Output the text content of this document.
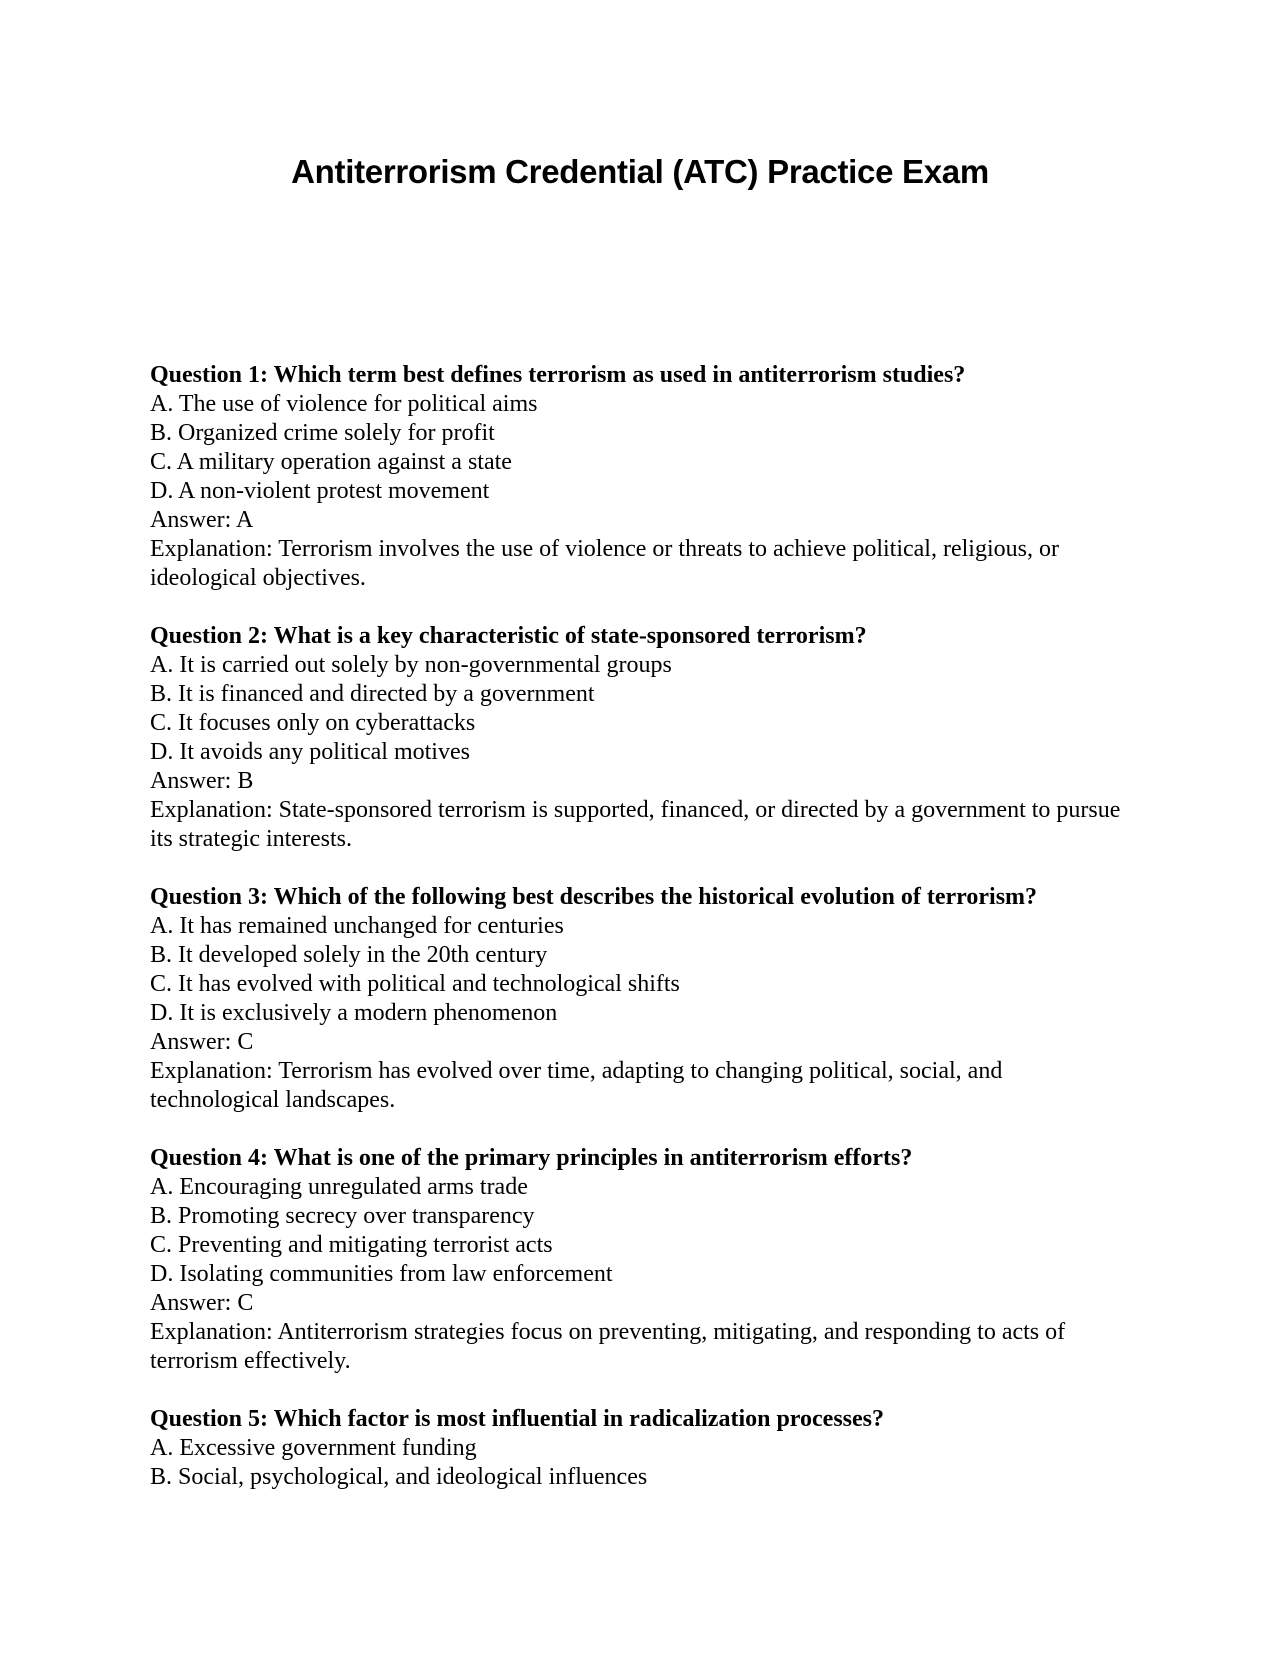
Antiterrorism Credential (ATC) Practice Exam

Question 1: Which term best defines terrorism as used in antiterrorism studies?

A. The use of violence for political aims

B. Organized crime solely for profit

C. A military operation against a state

D. A non-violent protest movement

Answer: A

Explanation: Terrorism involves the use of violence or threats to achieve political, religious, or ideological objectives.

Question 2: What is a key characteristic of state-sponsored terrorism?

A. It is carried out solely by non-governmental groups

B. It is financed and directed by a government

C. It focuses only on cyberattacks

D. It avoids any political motives

Answer: B

Explanation: State-sponsored terrorism is supported, financed, or directed by a government to pursue its strategic interests.

Question 3: Which of the following best describes the historical evolution of terrorism?

A. It has remained unchanged for centuries

B. It developed solely in the 20th century

C. It has evolved with political and technological shifts

D. It is exclusively a modern phenomenon

Answer: C

Explanation: Terrorism has evolved over time, adapting to changing political, social, and technological landscapes.

Question 4: What is one of the primary principles in antiterrorism efforts?

A. Encouraging unregulated arms trade

B. Promoting secrecy over transparency

C. Preventing and mitigating terrorist acts

D. Isolating communities from law enforcement

Answer: C

Explanation: Antiterrorism strategies focus on preventing, mitigating, and responding to acts of terrorism effectively.

Question 5: Which factor is most influential in radicalization processes?

A. Excessive government funding

B. Social, psychological, and ideological influences
